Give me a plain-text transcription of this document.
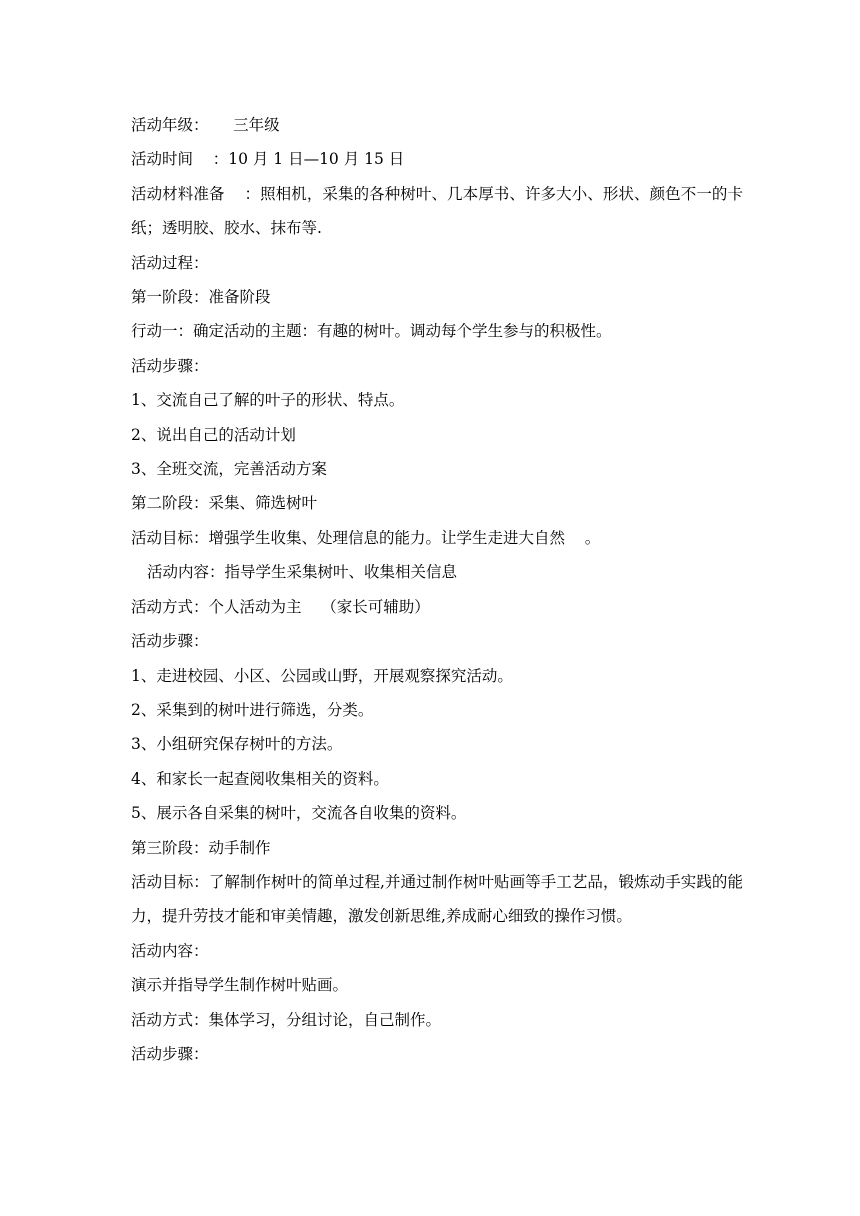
活动年级：     三年级

活动时间    ：10 月 1 日—10 月 15 日

活动材料准备    ：照相机，采集的各种树叶、几本厚书、许多大小、形状、颜色不一的卡纸；透明胶、胶水、抹布等.

活动过程：

第一阶段：准备阶段

行动一：确定活动的主题：有趣的树叶。调动每个学生参与的积极性。

活动步骤：

1、交流自己了解的叶子的形状、特点。

2、说出自己的活动计划

3、全班交流，完善活动方案

第二阶段：采集、筛选树叶

活动目标：增强学生收集、处理信息的能力。让学生走进大自然    。

活动内容：指导学生采集树叶、收集相关信息

活动方式：个人活动为主    （家长可辅助）

活动步骤：

1、走进校园、小区、公园或山野，开展观察探究活动。

2、采集到的树叶进行筛选，分类。

3、小组研究保存树叶的方法。

4、和家长一起查阅收集相关的资料。

5、展示各自采集的树叶，交流各自收集的资料。

第三阶段：动手制作

活动目标：了解制作树叶的简单过程,并通过制作树叶贴画等手工艺品，锻炼动手实践的能力，提升劳技才能和审美情趣，激发创新思维,养成耐心细致的操作习惯。

活动内容：

演示并指导学生制作树叶贴画。

活动方式：集体学习，分组讨论，自己制作。

活动步骤：
